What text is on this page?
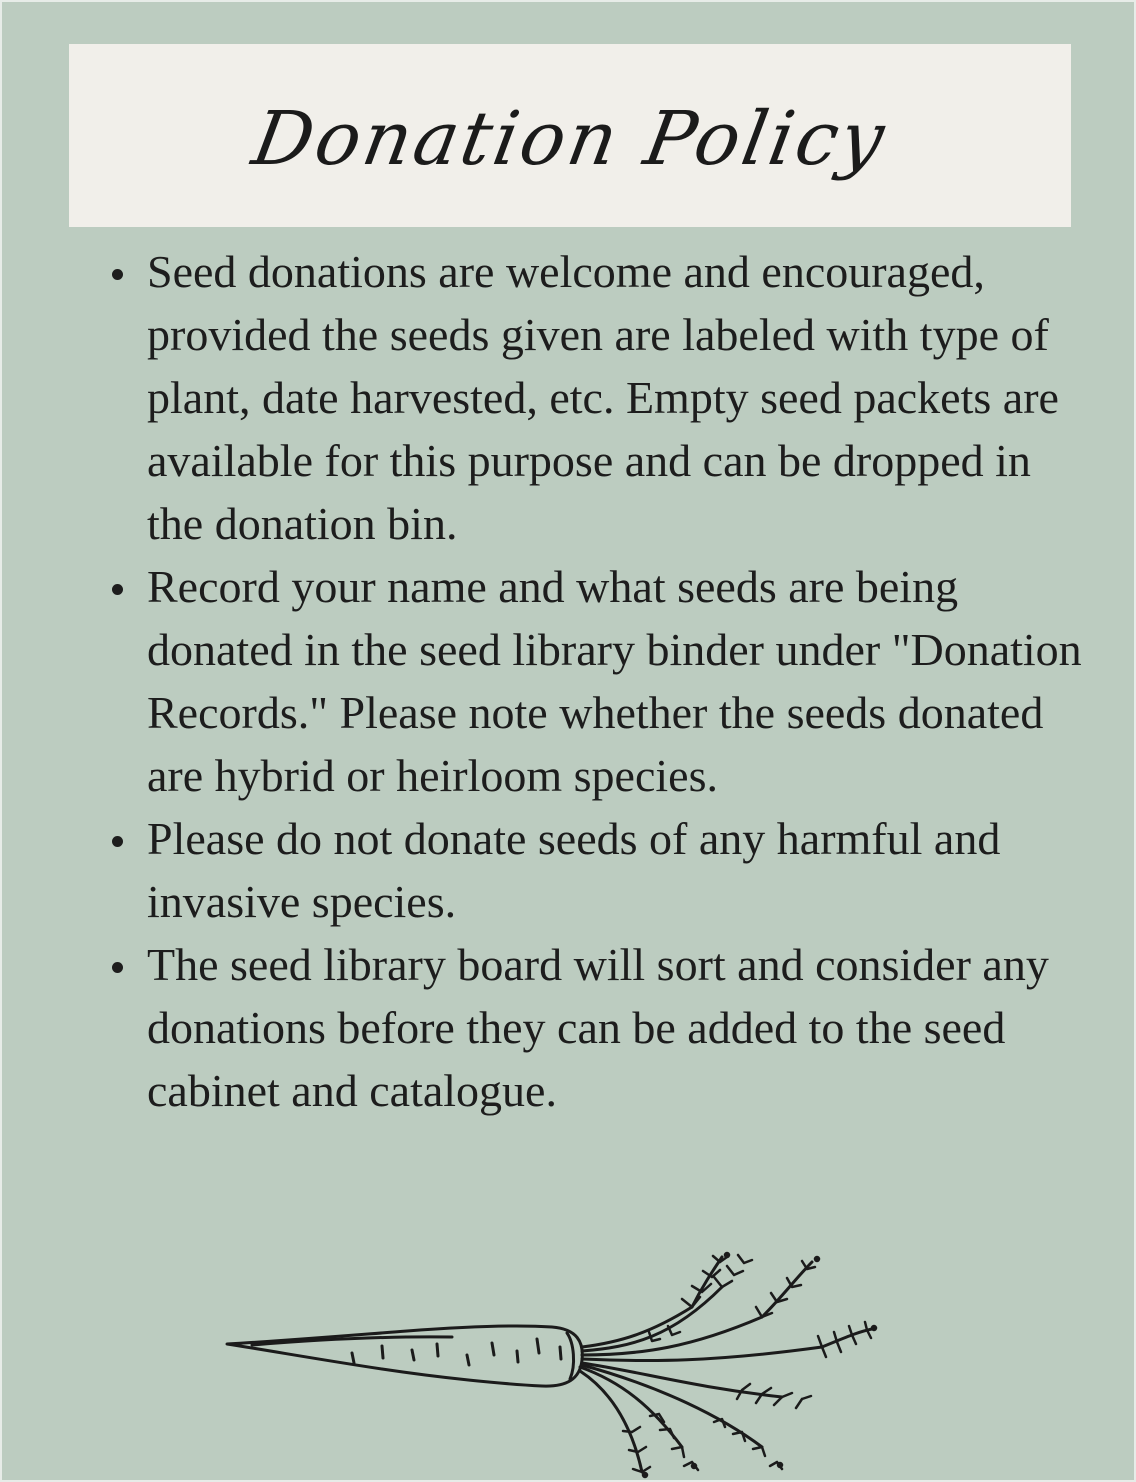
Donation Policy
Seed donations are welcome and encouraged, provided the seeds given are labeled with type of plant, date harvested, etc. Empty seed packets are available for this purpose and can be dropped in the donation bin.
Record your name and what seeds are being donated in the seed library binder under "Donation Records." Please note whether the seeds donated are hybrid or heirloom species.
Please do not donate seeds of any harmful and invasive species.
The seed library board will sort and consider any donations before they can be added to the seed cabinet and catalogue.
